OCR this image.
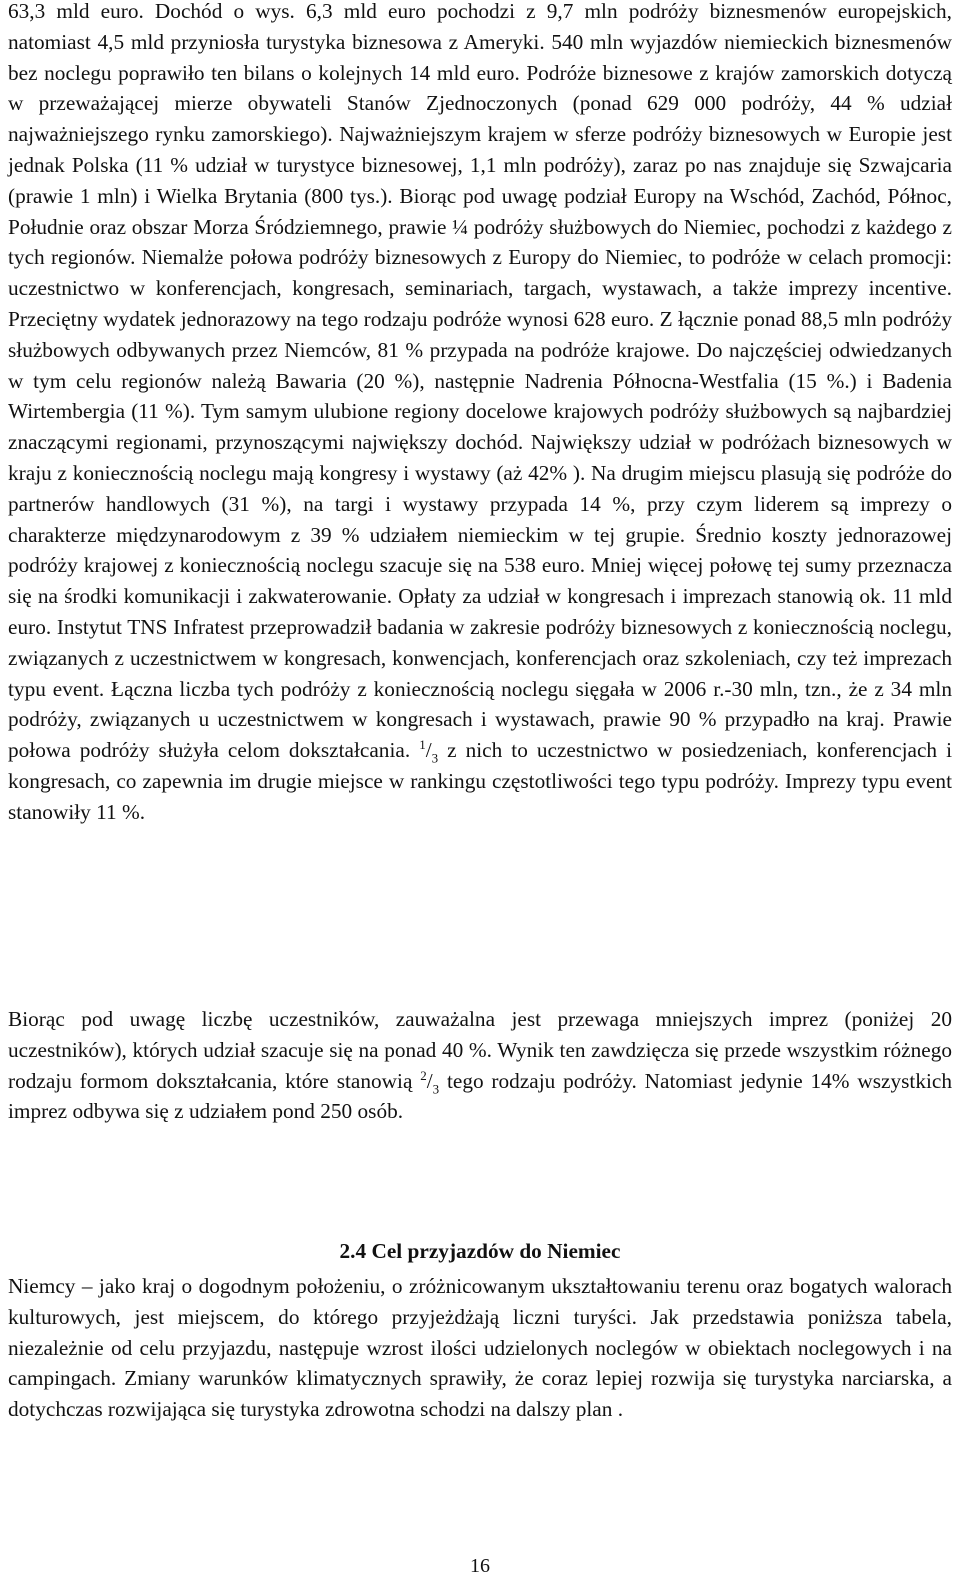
63,3 mld euro. Dochód o wys. 6,3 mld euro pochodzi z 9,7 mln podróży biznesmenów europejskich, natomiast 4,5 mld przyniosła turystyka biznesowa z Ameryki. 540 mln wyjazdów niemieckich biznesmenów bez noclegu poprawiło ten bilans o kolejnych 14 mld euro. Podróże biznesowe z krajów zamorskich dotyczą w przeważającej mierze obywateli Stanów Zjednoczonych (ponad 629 000 podróży, 44 % udział najważniejszego rynku zamorskiego). Najważniejszym krajem w sferze podróży biznesowych w Europie jest jednak Polska (11 % udział w turystyce biznesowej, 1,1 mln podróży), zaraz po nas znajduje się Szwajcaria (prawie 1 mln) i Wielka Brytania (800 tys.). Biorąc pod uwagę podział Europy na Wschód, Zachód, Północ, Południe oraz obszar Morza Śródziemnego, prawie ¼ podróży służbowych do Niemiec, pochodzi z każdego z tych regionów. Niemalże połowa podróży biznesowych z Europy do Niemiec, to podróże w celach promocji: uczestnictwo w konferencjach, kongresach, seminariach, targach, wystawach, a także imprezy incentive. Przeciętny wydatek jednorazowy na tego rodzaju podróże wynosi 628 euro. Z łącznie ponad 88,5 mln podróży służbowych odbywanych przez Niemców, 81 % przypada na podróże krajowe. Do najczęściej odwiedzanych w tym celu regionów należą Bawaria (20 %), następnie Nadrenia Północna-Westfalia (15 %.) i Badenia Wirtembergia (11 %). Tym samym ulubione regiony docelowe krajowych podróży służbowych są najbardziej znaczącymi regionami, przynoszącymi największy dochód. Największy udział w podróżach biznesowych w kraju z koniecznością noclegu mają kongresy i wystawy (aż 42% ). Na drugim miejscu plasują się podróże do partnerów handlowych (31 %), na targi i wystawy przypada 14 %, przy czym liderem są imprezy o charakterze międzynarodowym z 39 % udziałem niemieckim w tej grupie. Średnio koszty jednorazowej podróży krajowej z koniecznością noclegu szacuje się na 538 euro. Mniej więcej połowę tej sumy przeznacza się na środki komunikacji i zakwaterowanie. Opłaty za udział w kongresach i imprezach stanowią ok. 11 mld euro. Instytut TNS Infratest przeprowadził badania w zakresie podróży biznesowych z koniecznością noclegu, związanych z uczestnictwem w kongresach, konwencjach, konferencjach oraz szkoleniach, czy też imprezach typu event. Łączna liczba tych podróży z koniecznością noclegu sięgała w 2006 r.-30 mln, tzn., że z 34 mln podróży, związanych u uczestnictwem w kongresach i wystawach, prawie 90 % przypadło na kraj. Prawie połowa podróży służyła celom dokształcania. $^1/_3$ z nich to uczestnictwo w posiedzeniach, konferencjach i kongresach, co zapewnia im drugie miejsce w rankingu częstotliwości tego typu podróży. Imprezy typu event stanowiły 11 %.

Biorąc pod uwagę liczbę uczestników, zauważalna jest przewaga mniejszych imprez (poniżej 20 uczestników), których udział szacuje się na ponad 40 %. Wynik ten zawdzięcza się przede wszystkim różnego rodzaju formom dokształcania, które stanowią $^2/_3$ tego rodzaju podróży. Natomiast jedynie 14% wszystkich imprez odbywa się z udziałem pond 250 osób.

2.4 Cel przyjazdów do Niemiec

Niemcy – jako kraj o dogodnym położeniu, o zróżnicowanym ukształtowaniu terenu oraz bogatych walorach kulturowych, jest miejscem, do którego przyjeżdżają liczni turyści. Jak przedstawia poniższa tabela, niezależnie od celu przyjazdu, następuje wzrost ilości udzielonych noclegów w obiektach noclegowych i na campingach. Zmiany warunków klimatycznych sprawiły, że coraz lepiej rozwija się turystyka narciarska, a dotychczas rozwijająca się turystyka zdrowotna schodzi na dalszy plan .

16
